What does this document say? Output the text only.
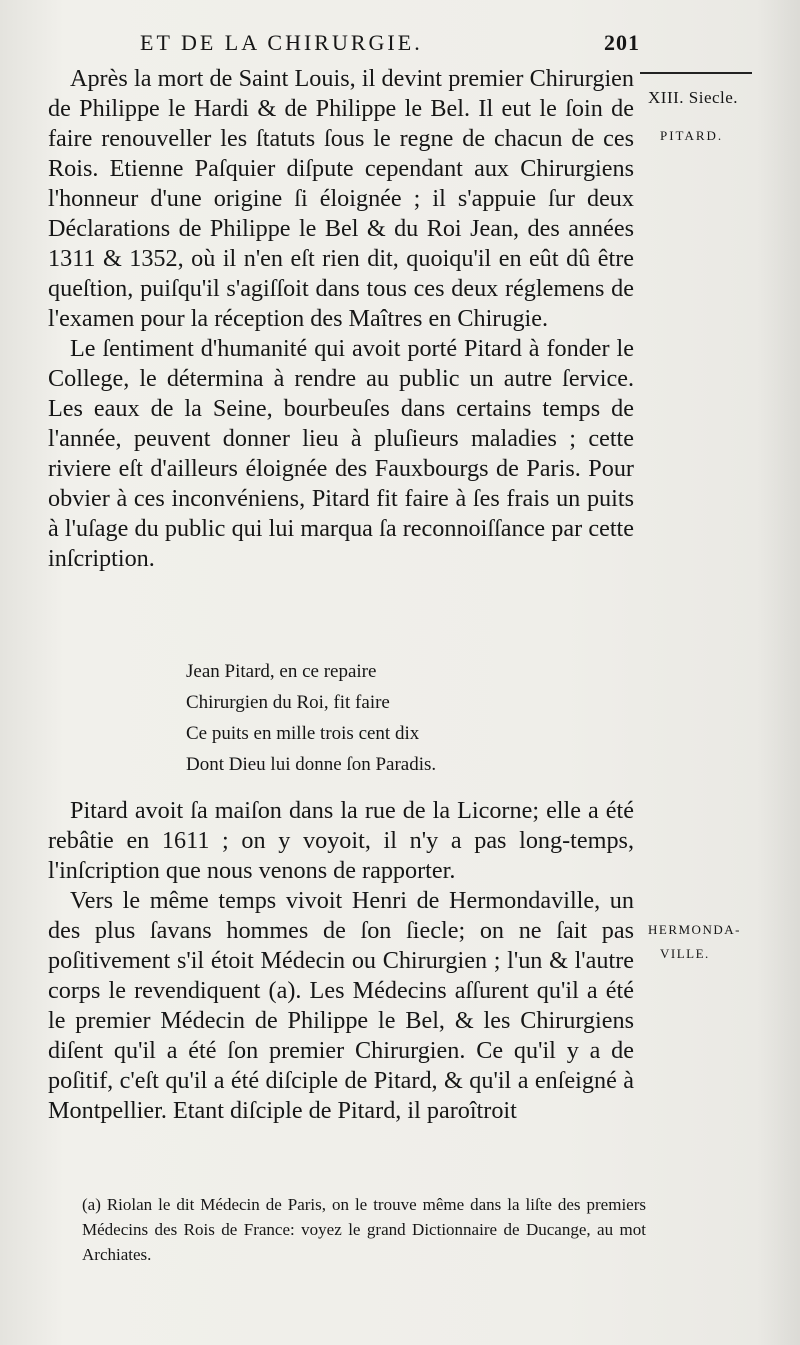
ET DE LA CHIRURGIE.	201
XIII. Siecle.
PITARD.

Après la mort de Saint Louis, il devint premier Chirurgien de Philippe le Hardi & de Philippe le Bel. Il eut le ſoin de faire renouveller les ſtatuts ſous le regne de chacun de ces Rois. Etienne Paſquier diſpute cependant aux Chirurgiens l'honneur d'une origine ſi éloignée ; il s'appuie ſur deux Déclarations de Philippe le Bel & du Roi Jean, des années 1311 & 1352, où il n'en eſt rien dit, quoiqu'il en eût dû être queſtion, puiſqu'il s'agiſſoit dans tous ces deux réglemens de l'examen pour la réception des Maîtres en Chirugie.

Le ſentiment d'humanité qui avoit porté Pitard à fonder le College, le détermina à rendre au public un autre ſervice. Les eaux de la Seine, bourbeuſes dans certains temps de l'année, peuvent donner lieu à pluſieurs maladies ; cette riviere eſt d'ailleurs éloignée des Fauxbourgs de Paris. Pour obvier à ces inconvéniens, Pitard fit faire à ſes frais un puits à l'uſage du public qui lui marqua ſa reconnoiſſance par cette inſcription.

Jean Pitard, en ce repaire
Chirurgien du Roi, fit faire
Ce puits en mille trois cent dix
Dont Dieu lui donne ſon Paradis.

Pitard avoit ſa maiſon dans la rue de la Licorne; elle a été rebâtie en 1611 ; on y voyoit, il n'y a pas long-temps, l'inſcription que nous venons de rapporter.

Vers le même temps vivoit Henri de Hermondaville, un des plus ſavans hommes de ſon ſiecle; on ne ſait pas poſitivement s'il étoit Médecin ou Chirurgien ; l'un & l'autre corps le revendiquent (a). Les Médecins aſſurent qu'il a été le premier Médecin de Philippe le Bel, & les Chirurgiens diſent qu'il a été ſon premier Chirurgien. Ce qu'il y a de poſitif, c'eſt qu'il a été diſciple de Pitard, & qu'il a enſeigné à Montpellier. Etant diſciple de Pitard, il paroîtroit

HERMONDA-
VILLE.
(a) Riolan le dit Médecin de Paris, on le trouve même dans la liſte des premiers Médecins des Rois de France: voyez le grand Dictionnaire de Ducange, au mot Archiates.
